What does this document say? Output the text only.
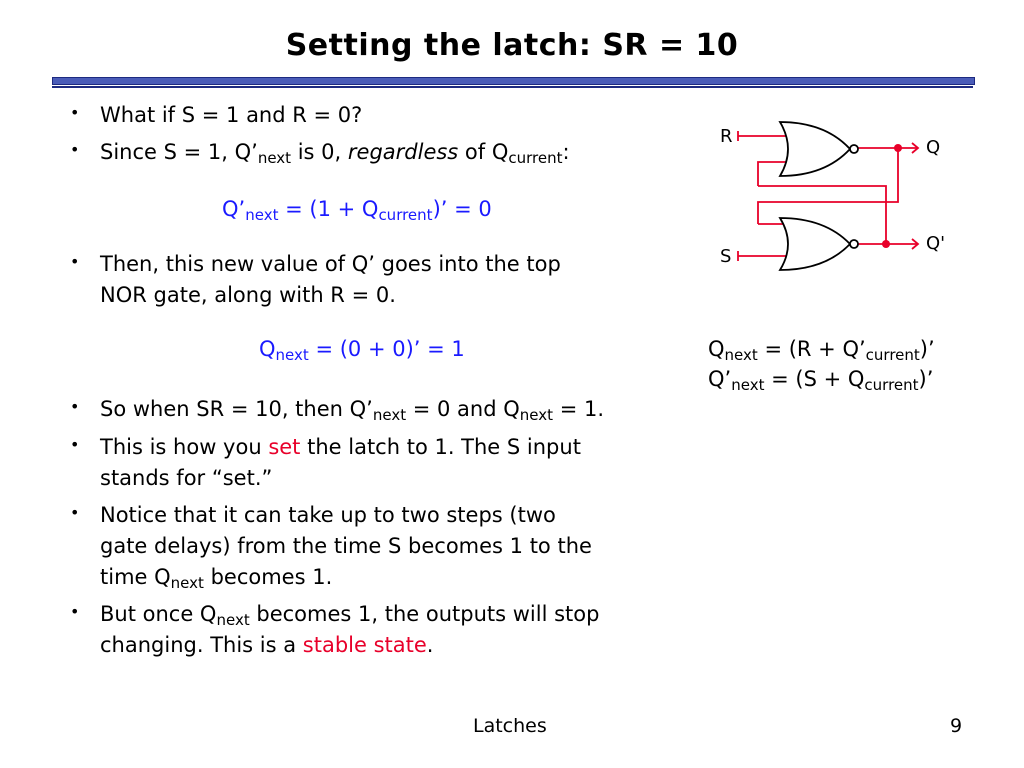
Setting the latch: SR = 10
• What if S = 1 and R = 0?
• Since S = 1, $Q’_{next}$ is 0, regardless of $Q_{current}$:
$Q’_{next} = (1 + Q_{current})$’ = 0
• Then, this new value of Q’ goes into the top
NOR gate, along with R = 0.
$Q_{next} = (0 + 0)$’ = 1
• So when SR = 10, then $Q’_{next} = 0$ and $Q_{next} = 1$.
• This is how you set the latch to 1. The S input
stands for “set.”
• Notice that it can take up to two steps (two
gate delays) from the time S becomes 1 to the
time $Q_{next}$ becomes 1.
• But once $Q_{next}$ becomes 1, the outputs will stop
changing. This is a stable state.
R
S
Q
Q'
$Q_{next} = (R$ + $Q’_{current}$)’
$Q’_{next} = (S + Q_{current})$’
Latches	9
